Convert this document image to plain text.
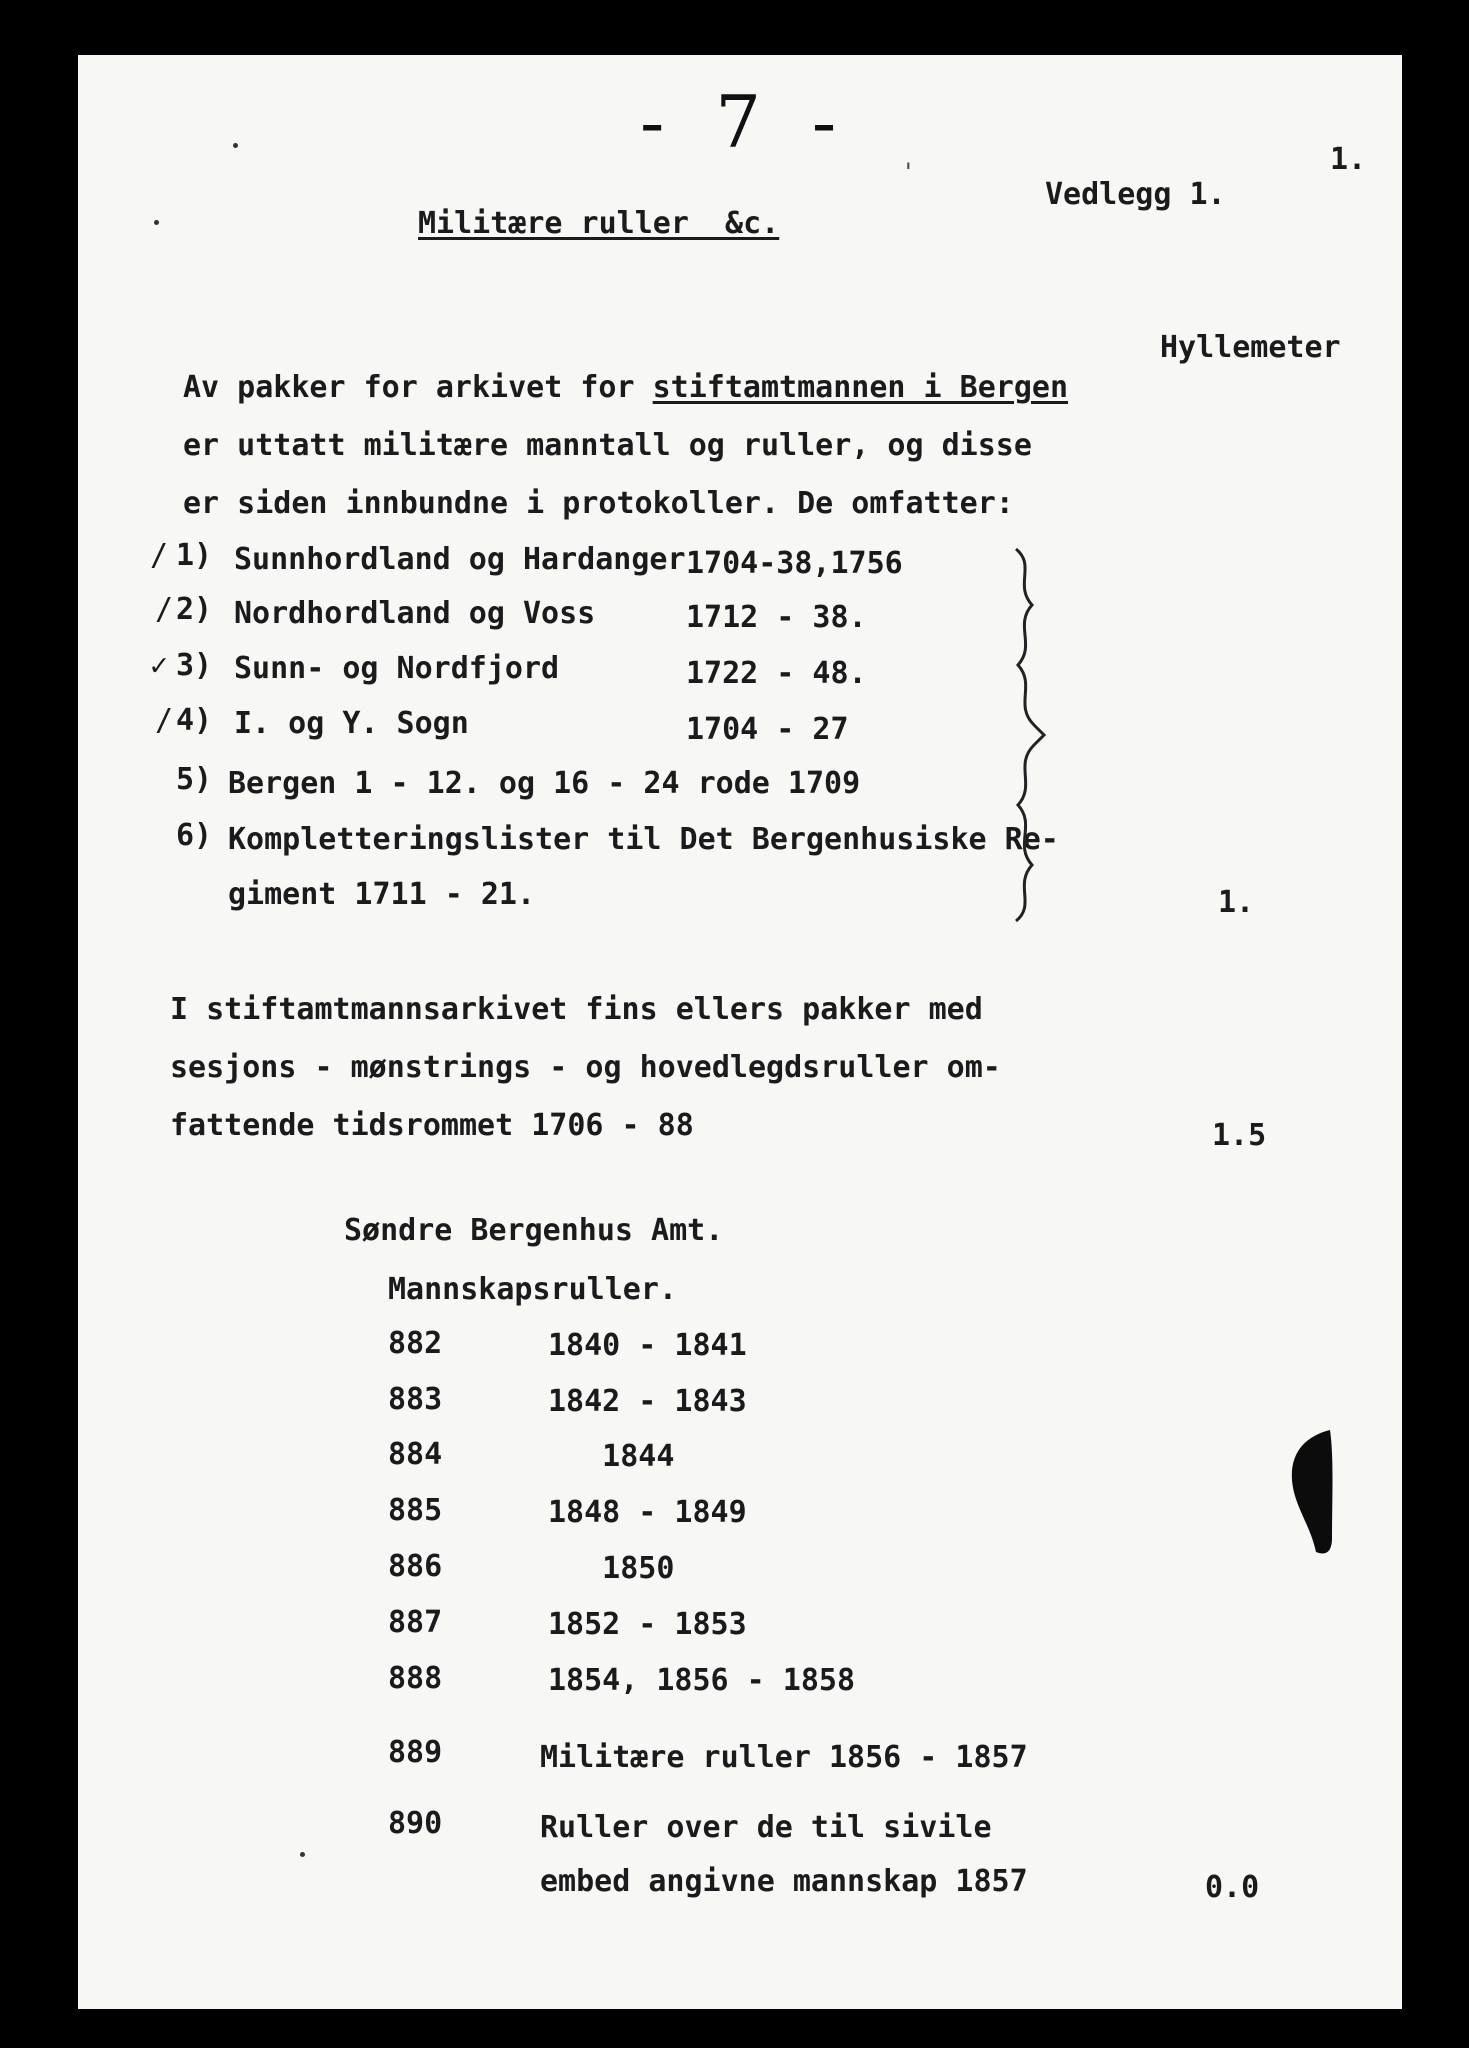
'
- 7 -	1.
Vedlegg 1.
Militære ruller  &c.
Hyllemeter
Av pakker for arkivet for stiftamtmannen i Bergen
er uttatt militære manntall og ruller, og disse
er siden innbundne i protokoller. De omfatter:
/ 1) Sunnhordland og Hardanger 1704-38,1756
/ 2) Nordhordland og Voss	1712 - 38.
✓ 3) Sunn- og Nordfjord	1722 - 48.
/ 4) I. og Y. Sogn	1704 - 27
5) Bergen 1 - 12. og 16 - 24 rode 1709
6) Kompletteringslister til Det Bergenhusiske Re-
giment 1711 - 21.	1.
I stiftamtmannsarkivet fins ellers pakker med
sesjons - mønstrings - og hovedlegdsruller om-
fattende tidsrommet 1706 - 88	1.5
Søndre Bergenhus Amt.
Mannskapsruller.
882	1840 - 1841
883	1842 - 1843
884	1844
885	1848 - 1849
886	1850
887	1852 - 1853
888	1854, 1856 - 1858
889	Militære ruller 1856 - 1857
890	Ruller over de til sivile
embed angivne mannskap 1857	0.0
